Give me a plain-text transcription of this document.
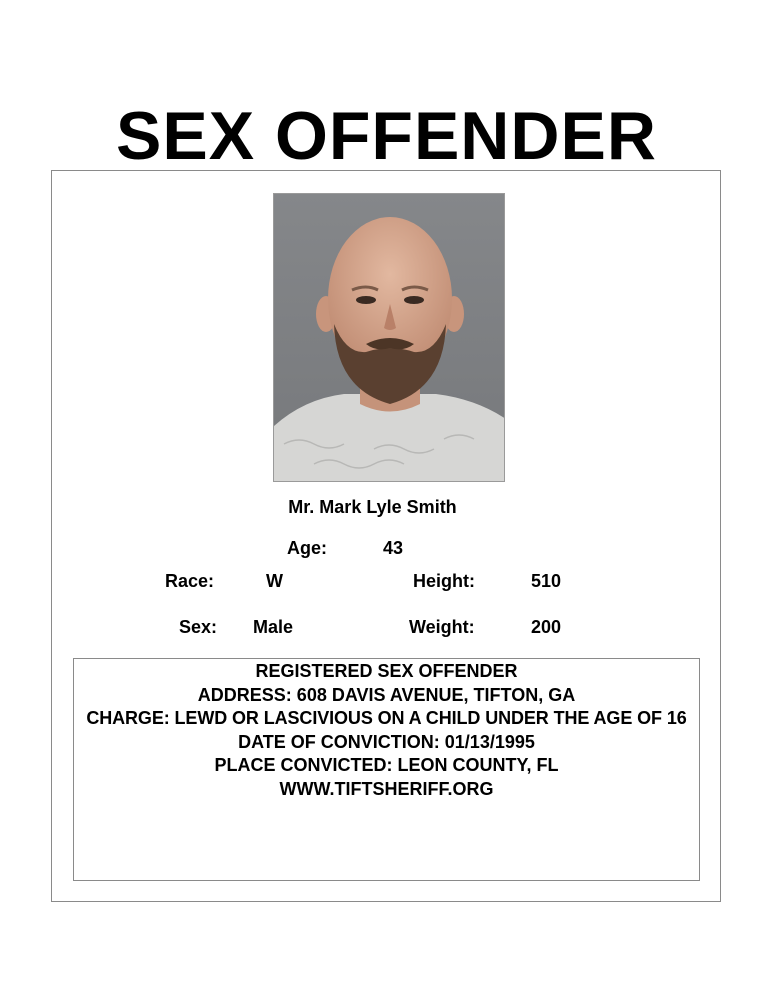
SEX OFFENDER
Mr. Mark Lyle Smith
Age:	43
Race:	W	Height:	510
Sex: Male	Weight:	200
REGISTERED SEX OFFENDER
ADDRESS: 608 DAVIS AVENUE, TIFTON, GA
CHARGE: LEWD OR LASCIVIOUS ON A CHILD UNDER THE AGE OF 16
DATE OF CONVICTION: 01/13/1995
PLACE CONVICTED: LEON COUNTY, FL
WWW.TIFTSHERIFF.ORG
